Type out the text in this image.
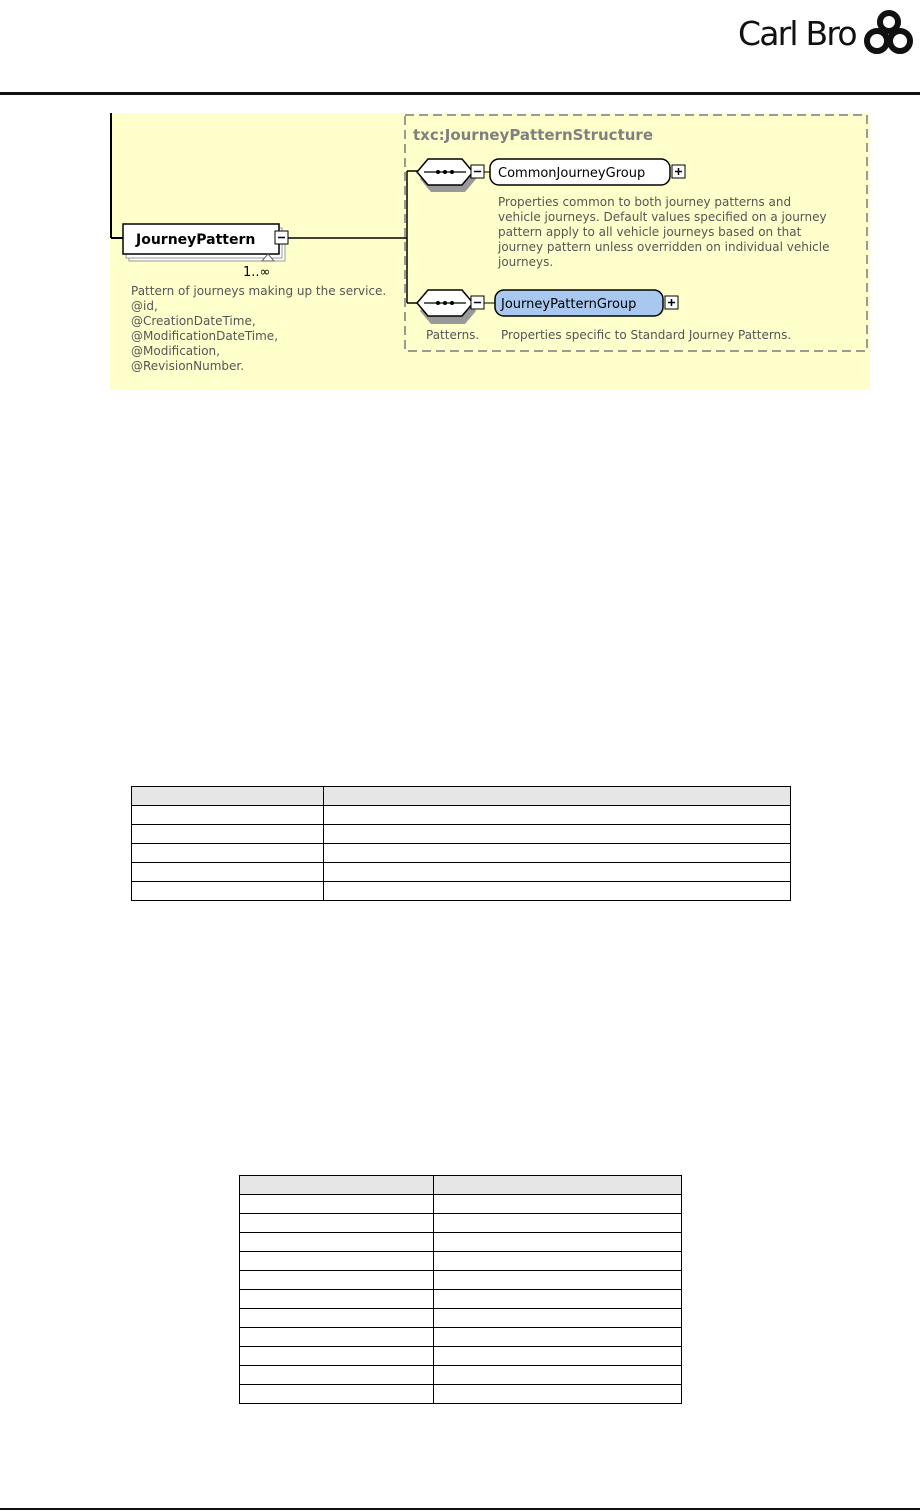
Carl Bro
txc:JourneyPatternStructure
JourneyPattern
1..∞
Pattern of journeys making up the service. @id, @CreationDateTime, @ModificationDateTime, @Modification, @RevisionNumber.
CommonJourneyGroup
Properties common to both journey patterns and vehicle journeys. Default values specified on a journey pattern apply to all vehicle journeys based on that journey pattern unless overridden on individual vehicle journeys.
JourneyPatternGroup
Patterns. Properties specific to Standard Journey Patterns.
